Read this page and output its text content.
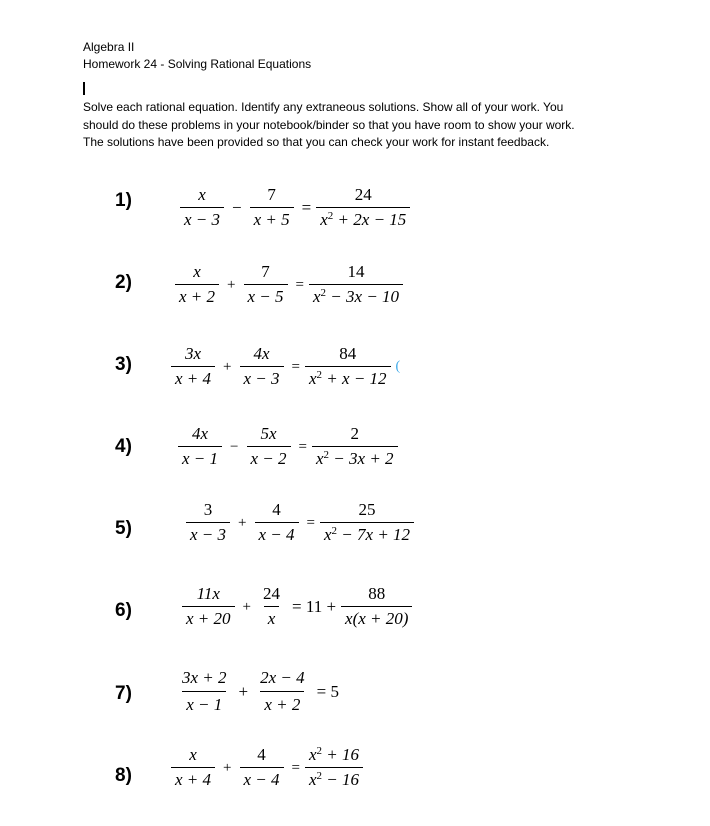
Algebra II
Homework 24 - Solving Rational Equations
Solve each rational equation. Identify any extraneous solutions. Show all of your work. You
should do these problems in your notebook/binder so that you have room to show your work.
The solutions have been provided so that you can check your work for instant feedback.
1)	$\frac{x}{x - 3} - \frac{7}{x + 5} = \frac{24}{x^2 + 2x - 15}$
2)	$\frac{x}{x + 2} + \frac{7}{x - 5} = \frac{14}{x^2 - 3x - 10}$
$3) \frac{3x}{x + 4} + \frac{4x}{x - 3} = \frac{84}{x^2 + x - 12}$ (
4)	$\frac{4x}{x - 1} - \frac{5x}{x - 2} = \frac{2}{x^2 - 3x + 2}$
5)	$\frac{3}{x - 3} + \frac{4}{x - 4} = \frac{25}{x^2 - 7x + 12}$
6)	$\frac{11x}{x + 20} + \frac{24}{x} = 11 + \frac{88}{x(x + 20)}$
7)	$\frac{3x + 2}{x - 1} + \frac{2x - 4}{x + 2} = 5$
$8) \frac{x}{x + 4} + \frac{4}{x - 4} = \frac{x^2 + 16}{x^2 - 16}$
